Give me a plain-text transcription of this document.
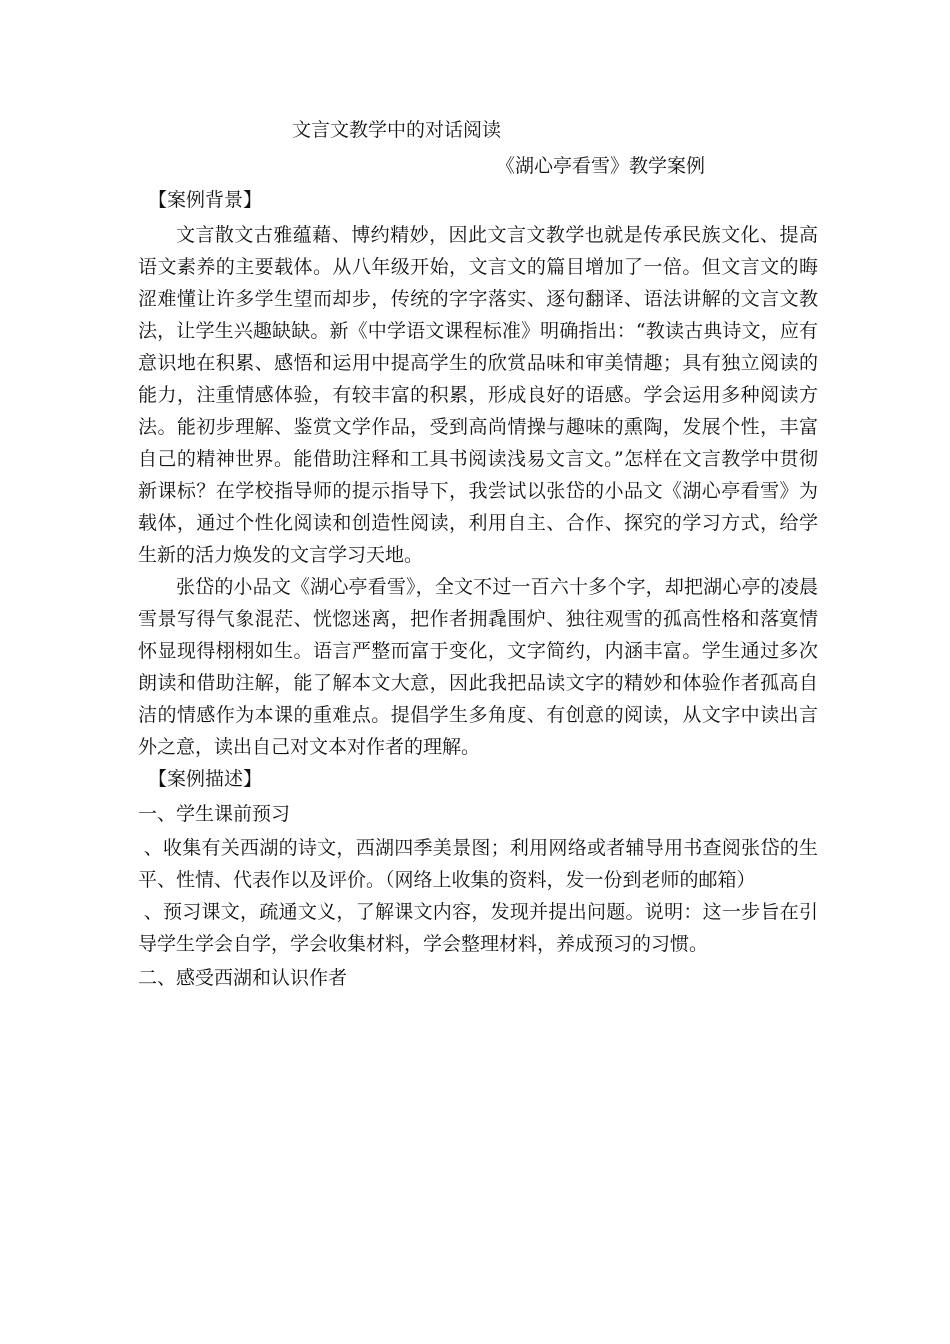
文言文教学中的对话阅读
《湖心亭看雪》教学案例

【案例背景】

文言散文古雅蕴藉、博约精妙，因此文言文教学也就是传承民族文化、提高语文素养的主要载体。从八年级开始，文言文的篇目增加了一倍。但文言文的晦涩难懂让许多学生望而却步，传统的字字落实、逐句翻译、语法讲解的文言文教法，让学生兴趣缺缺。新《中学语文课程标准》明确指出：“教读古典诗文，应有意识地在积累、感悟和运用中提高学生的欣赏品味和审美情趣；具有独立阅读的能力，注重情感体验，有较丰富的积累，形成良好的语感。学会运用多种阅读方法。能初步理解、鉴赏文学作品，受到高尚情操与趣味的熏陶，发展个性，丰富自己的精神世界。能借助注释和工具书阅读浅易文言文。”怎样在文言教学中贯彻新课标？在学校指导师的提示指导下，我尝试以张岱的小品文《湖心亭看雪》为载体，通过个性化阅读和创造性阅读，利用自主、合作、探究的学习方式，给学生新的活力焕发的文言学习天地。

张岱的小品文《湖心亭看雪》，全文不过一百六十多个字，却把湖心亭的凌晨雪景写得气象混茫、恍惚迷离，把作者拥毳围炉、独往观雪的孤高性格和落寞情怀显现得栩栩如生。语言严整而富于变化，文字简约，内涵丰富。学生通过多次朗读和借助注解，能了解本文大意，因此我把品读文字的精妙和体验作者孤高自洁的情感作为本课的重难点。提倡学生多角度、有创意的阅读，从文字中读出言外之意，读出自己对文本对作者的理解。

【案例描述】

一、学生课前预习

、收集有关西湖的诗文，西湖四季美景图；利用网络或者辅导用书查阅张岱的生平、性情、代表作以及评价。（网络上收集的资料，发一份到老师的邮箱）

、预习课文，疏通文义，了解课文内容，发现并提出问题。说明：这一步旨在引导学生学会自学，学会收集材料，学会整理材料，养成预习的习惯。

二、感受西湖和认识作者
